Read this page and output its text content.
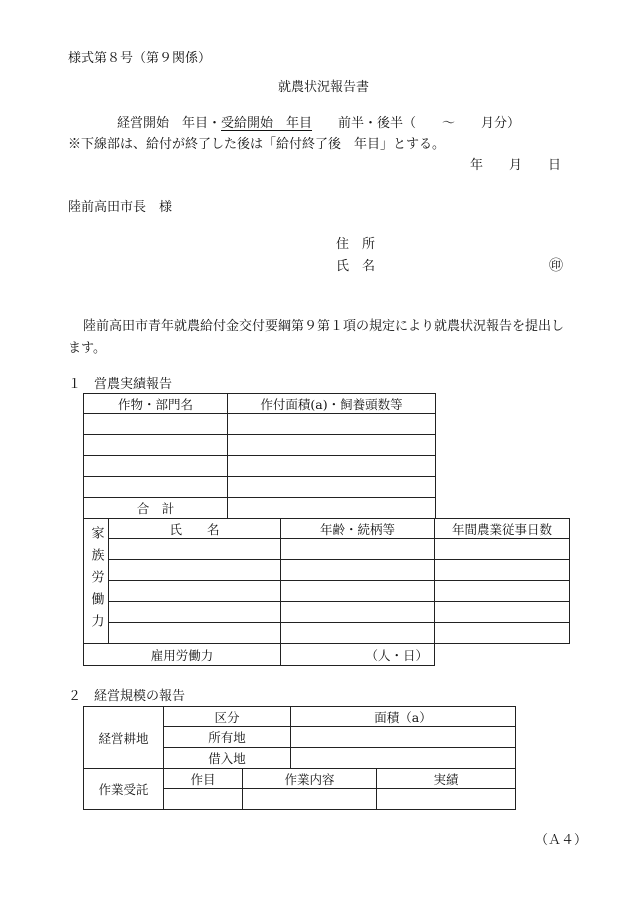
様式第８号（第９関係）
就農状況報告書
経営開始　年目・受給開始　年目　　前半・後半（　　〜　　月分）
※下線部は、給付が終了した後は「給付終了後　年目」とする。
年　　月　　日
陸前高田市長　様
住　所
氏　名	㊞
陸前高田市青年就農給付金交付要綱第９第１項の規定により就農状況報告を提出し
ます。
１　営農実績報告
作物・部門名	作付面積(a)・飼養頭数等

合　計	
家族労働力	氏　　名	年齢・続柄等	年間農業従事日数

雇用労働力		（人・日）	
２　経営規模の報告
経営耕地	区分	面積（a）
	所有地	
	借入地	
作業受託	作目	作業内容	実績

（Ａ４）
